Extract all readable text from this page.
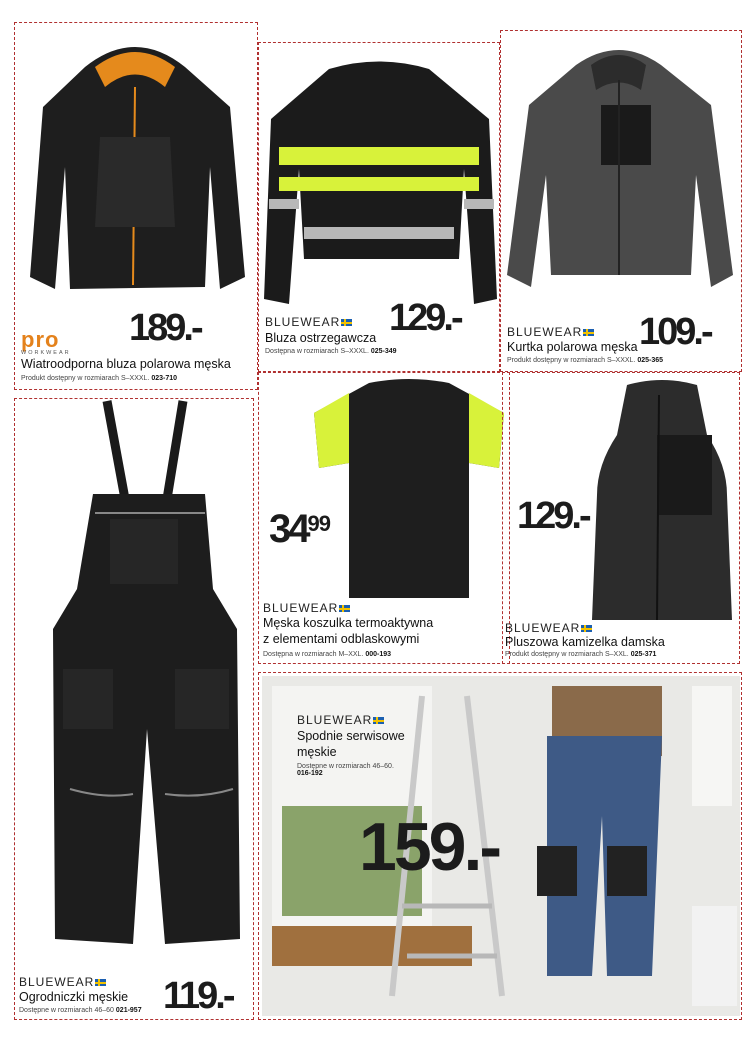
pro
WORKWEAR
189.-
Wiatroodporna bluza polarowa męska
Produkt dostępny w rozmiarach S–XXXL. 023-710
BLUEWEAR	129.-
Bluza ostrzegawcza
Dostępna w rozmiarach S–XXXL. 025-349
BLUEWEAR	109.-
Kurtka polarowa męska
Produkt dostępny w rozmiarach S–XXXL. 025-365
BLUEWEAR	119.-
Ogrodniczki męskie
Dostępne w rozmiarach 46–60 021-957
$34^{99}$
BLUEWEAR
Męska koszulka termoaktywna
z elementami odblaskowymi
Dostępna w rozmiarach M–XXL. 000-193
129.-
BLUEWEAR
Pluszowa kamizelka damska
Produkt dostępny w rozmiarach S–XXL. 025-371
BLUEWEAR
Spodnie serwisowe
męskie
Dostępne w rozmiarach 46–60.
016-192
159.-
